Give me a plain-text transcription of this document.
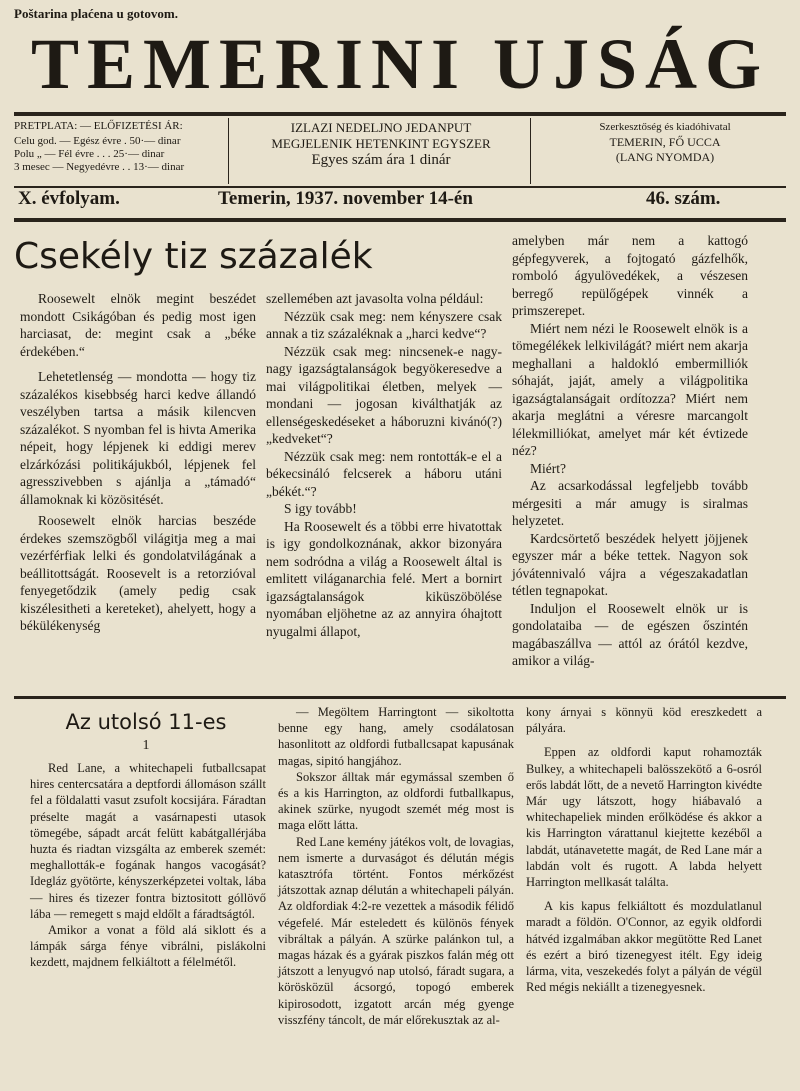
Poštarina plaćena u gotovom.
TEMERINI UJSÁG
PRETPLATA: — ELŐFIZETÉSI ÁR:
Celu god. — Egész évre . 50·— dinar
Polu „ — Fél évre . . . 25·— dinar
3 mesec — Negyedévre . . 13·— dinar
IZLAZI NEDELJNO JEDANPUT
MEGJELENIK HETENKINT EGYSZER
Egyes szám ára 1 dinár
Szerkesztőség és kiadóhivatal
TEMERIN, FŐ UCCA
(LANG NYOMDA)
X. évfolyam.	Temerin, 1937. november 14-én	46. szám.
Csekély tiz százalék

Roosewelt elnök megint beszédet mondott Csikágóban és pedig most igen harciasat, de: megint csak a „béke érdekében.“

Lehetetlenség — mondotta — hogy tiz százalékos kisebbség harci kedve állandó veszélyben tartsa a másik kilencven százalékot. S nyomban fel is hivta Amerika népeit, hogy lépjenek ki eddigi merev elzárkózási politikájukból, lépjenek fel agresszivebben s ajánlja a „támadó“ államoknak ki közösitését.

Roosewelt elnök harcias beszéde érdekes szemszögből világitja meg a mai vezérférfiak lelki és gondolatvilágának a beállitottságát. Roosevelt is a retorzióval fenyegetődzik (amely pedig csak kiszélesitheti a kereteket), ahelyett, hogy a békülékenység

szellemében azt javasolta volna például:

Nézzük csak meg: nem kényszere csak annak a tiz százaléknak a „harci kedve“?

Nézzük csak meg: nincsenek-e nagy-nagy igazságtalanságok begyökeresedve a mai világpolitikai életben, melyek — mondani — jogosan kiválthatják az ellenségeskedéseket a háboruzni kivánó(?) „kedveket“?

Nézzük csak meg: nem rontották-e el a békecsináló felcserek a háboru utáni „békét.“?

S igy tovább!

Ha Roosewelt és a többi erre hivatottak is igy gondolkoznának, akkor bizonyára nem sodródna a világ a Roosewelt által is emlitett világanarchia felé. Mert a bornirt igazságtalanságok kiküszöbölése nyomában eljöhetne az az annyira óhajtott nyugalmi állapot,

amelyben már nem a kattogó gépfegyverek, a fojtogató gázfelhők, romboló ágyulövedékek, a vészesen berregő repülőgépek vinnék a primszerepet.

Miért nem nézi le Roosewelt elnök is a tömegélékek lelkivilágát? miért nem akarja meghallani a haldokló embermilliók sóhaját, jaját, amely a világpolitika igazságtalanságait ordítozza? Miért nem akarja meglátni a véresre marcangolt lélekmilliókat, amelyet már két évtizede néz?

Miért?

Az acsarkodással legfeljebb tovább mérgesiti a már amugy is siralmas helyzetet.

Kardcsörtető beszédek helyett jöjjenek egyszer már a béke tettek. Nagyon sok jóvátennivaló vájra a végeszakadatlan tétlen tegnapokat.

Induljon el Roosewelt elnök ur is gondolataiba — de egészen őszintén magábaszállva — attól az órától kezdve, amikor a világ-

Az utolsó 11-es
1

Red Lane, a whitechapeli futballcsapat hires centercsatára a deptfordi állomáson szállt fel a földalatti vasut zsufolt kocsijára. Fáradtan préselte magát a vasárnapesti utasok tömegébe, sápadt arcát felütt kabátgallérjába huzta és riadtan vizsgálta az emberek szemét: meghallották-e fogának hangos vacogását? Idegláz gyötörte, kényszerképzetei voltak, lába — hires és tizezer fontra biztositott góllövő lába — remegett s majd eldőlt a fáradtságtól.

Amikor a vonat a föld alá siklott és a lámpák sárga fénye vibrálni, pislákolni kezdett, majdnem felkiáltott a félelmétől.

— Megöltem Harringtont — sikoltotta benne egy hang, amely csodálatosan hasonlitott az oldfordi futballcsapat kapusának magas, sipitó hangjához.

Sokszor álltak már egymással szemben ő és a kis Harrington, az oldfordi futballkapus, akinek szürke, nyugodt szemét még most is maga előtt látta.

Red Lane kemény játékos volt, de lovagias, nem ismerte a durvaságot és délután mégis katasztrófa történt. Fontos mérkőzést játszottak aznap délután a whitechapeli pályán. Az oldfordiak 4:2-re vezettek a második félidő végefelé. Már esteledett és különös fények vibráltak a pályán. A szürke palánkon tul, a magas házak és a gyárak piszkos falán még ott játszott a lenyugvó nap utolsó, fáradt sugara, a körösközül ácsorgó, topogó emberek kipirosodott, izgatott arcán még gyenge visszfény táncolt, de már előrekusztak az al-

kony árnyai s könnyü köd ereszkedett a pályára.

Eppen az oldfordi kaput rohamozták Bulkey, a whitechapeli balösszekötő a 6-osról erős labdát lőtt, de a nevető Harrington kivédte Már ugy látszott, hogy hiábavaló a whitechapeliek minden erőlködése és akkor a kis Harrington várattanul kiejtette kezéből a labdát, utánavetette magát, de Red Lane már a labdán volt és rugott. A labda helyett Harrington mellkasát találta.

A kis kapus felkiáltott és mozdulatlanul maradt a földön. O'Connor, az egyik oldfordi hátvéd izgalmában akkor megütötte Red Lanet és ezért a biró tizenegyest itélt. Egy ideig lárma, vita, veszekedés folyt a pályán de végül Red mégis nekiállt a tizenegyesnek.
